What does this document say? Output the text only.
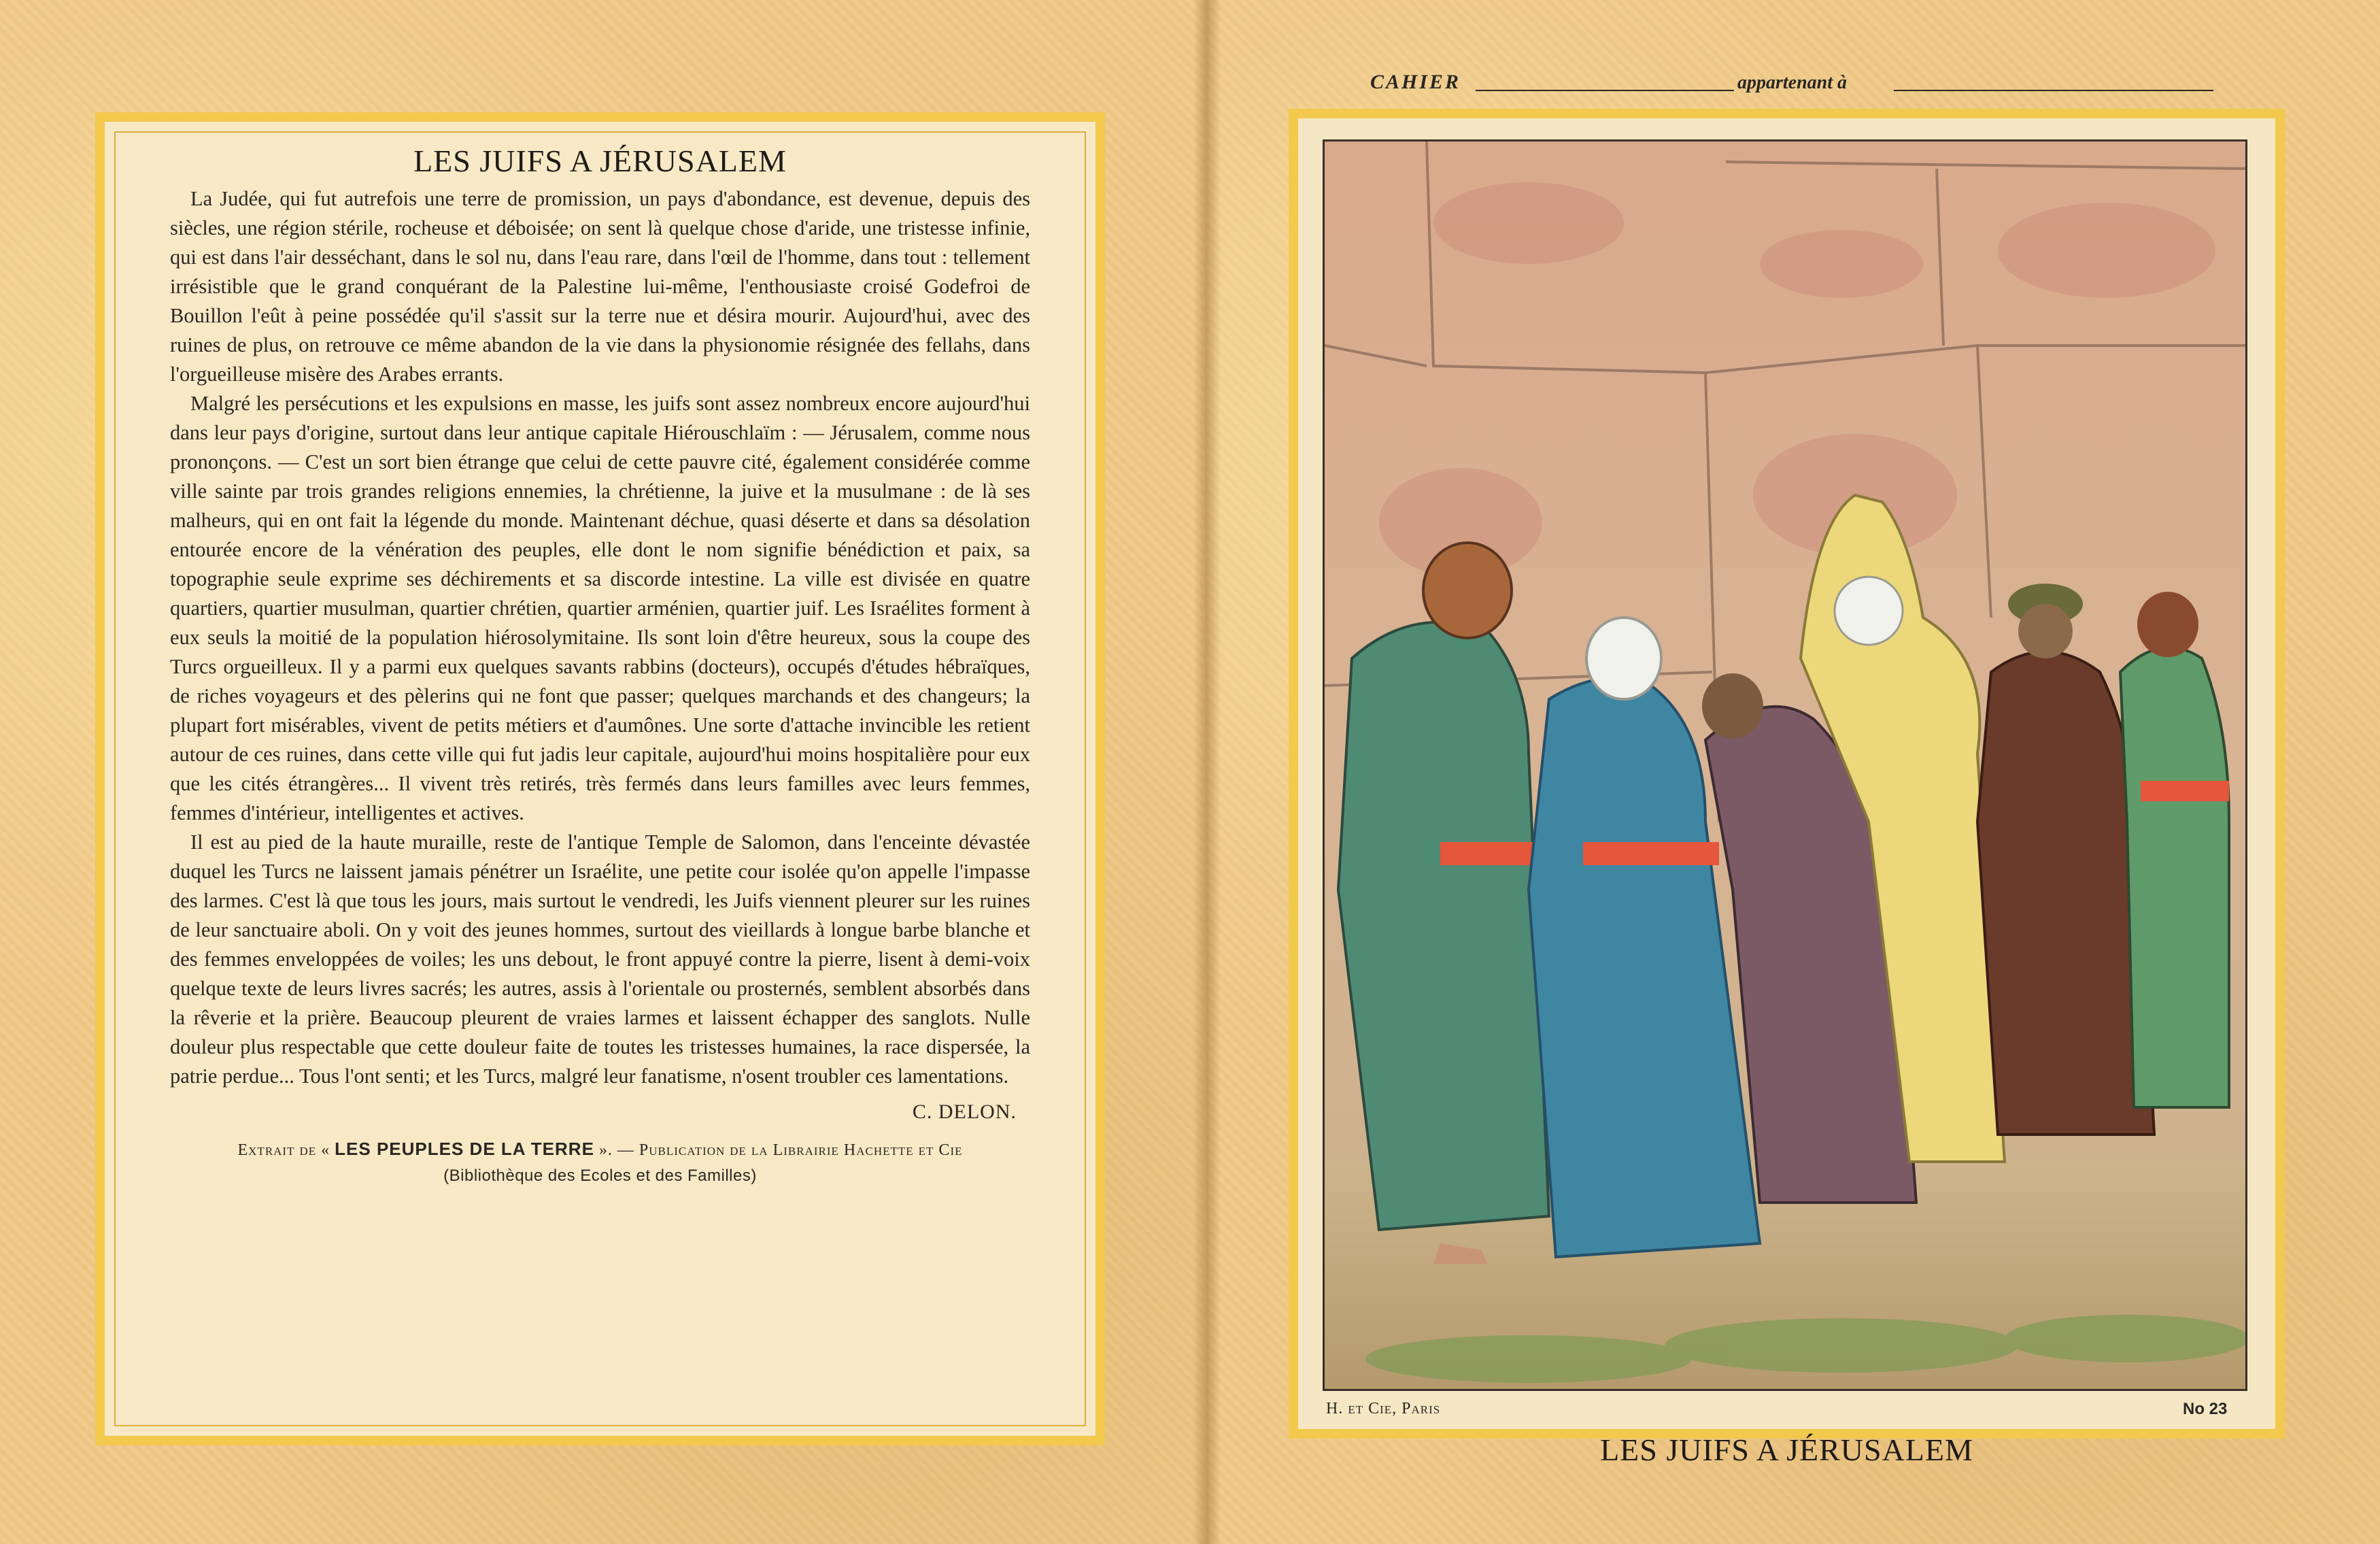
LES JUIFS A JÉRUSALEM

La Judée, qui fut autrefois une terre de promission, un pays d'abondance, est devenue, depuis des siècles, une région stérile, rocheuse et déboisée; on sent là quelque chose d'aride, une tristesse infinie, qui est dans l'air desséchant, dans le sol nu, dans l'eau rare, dans l'œil de l'homme, dans tout : tellement irrésistible que le grand conquérant de la Palestine lui-même, l'enthousiaste croisé Godefroi de Bouillon l'eût à peine possédée qu'il s'assit sur la terre nue et désira mourir. Aujourd'hui, avec des ruines de plus, on retrouve ce même abandon de la vie dans la physionomie résignée des fellahs, dans l'orgueilleuse misère des Arabes errants.

Malgré les persécutions et les expulsions en masse, les juifs sont assez nombreux encore aujourd'hui dans leur pays d'origine, surtout dans leur antique capitale Hiérouschlaïm : — Jérusalem, comme nous prononçons. — C'est un sort bien étrange que celui de cette pauvre cité, également considérée comme ville sainte par trois grandes religions ennemies, la chrétienne, la juive et la musulmane : de là ses malheurs, qui en ont fait la légende du monde. Maintenant déchue, quasi déserte et dans sa désolation entourée encore de la vénération des peuples, elle dont le nom signifie bénédiction et paix, sa topographie seule exprime ses déchirements et sa discorde intestine. La ville est divisée en quatre quartiers, quartier musulman, quartier chrétien, quartier arménien, quartier juif. Les Israélites forment à eux seuls la moitié de la population hiérosolymitaine. Ils sont loin d'être heureux, sous la coupe des Turcs orgueilleux. Il y a parmi eux quelques savants rabbins (docteurs), occupés d'études hébraïques, de riches voyageurs et des pèlerins qui ne font que passer; quelques marchands et des changeurs; la plupart fort misérables, vivent de petits métiers et d'aumônes. Une sorte d'attache invincible les retient autour de ces ruines, dans cette ville qui fut jadis leur capitale, aujourd'hui moins hospitalière pour eux que les cités étrangères... Il vivent très retirés, très fermés dans leurs familles avec leurs femmes, femmes d'intérieur, intelligentes et actives.

Il est au pied de la haute muraille, reste de l'antique Temple de Salomon, dans l'enceinte dévastée duquel les Turcs ne laissent jamais pénétrer un Israélite, une petite cour isolée qu'on appelle l'impasse des larmes. C'est là que tous les jours, mais surtout le vendredi, les Juifs viennent pleurer sur les ruines de leur sanctuaire aboli. On y voit des jeunes hommes, surtout des vieillards à longue barbe blanche et des femmes enveloppées de voiles; les uns debout, le front appuyé contre la pierre, lisent à demi-voix quelque texte de leurs livres sacrés; les autres, assis à l'orientale ou prosternés, semblent absorbés dans la rêverie et la prière. Beaucoup pleurent de vraies larmes et laissent échapper des sanglots. Nulle douleur plus respectable que cette douleur faite de toutes les tristesses humaines, la race dispersée, la patrie perdue... Tous l'ont senti; et les Turcs, malgré leur fanatisme, n'osent troubler ces lamentations.

C. DELON.
Extrait de « LES PEUPLES DE LA TERRE ». — Publication de la Librairie Hachette et Cie
(Bibliothèque des Ecoles et des Familles)
CAHIER	appartenant à
H. et Cie, Paris	No 23
LES JUIFS A JÉRUSALEM
